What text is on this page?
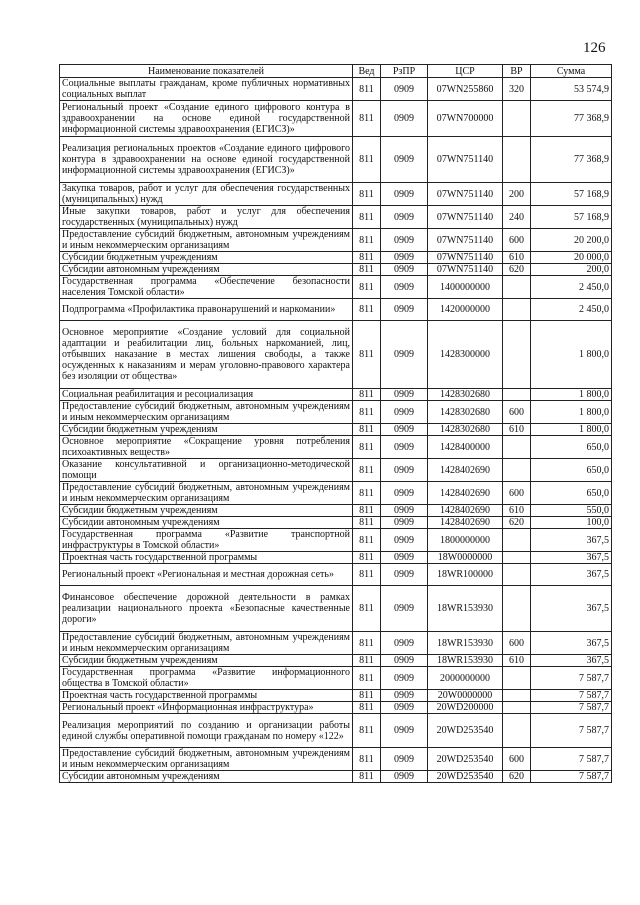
126
Наименование показателей	Вед	РзПР	ЦСР	ВР	Сумма
Социальные выплаты гражданам, кроме публичных нормативных социальных выплат	811	0909	07WN255860	320	53 574,9
Региональный проект «Создание единого цифрового контура в здравоохранении на основе единой государственной информационной системы здравоохранения (ЕГИСЗ)»	811	0909	07WN700000		77 368,9
Реализация региональных проектов «Создание единого цифрового контура в здравоохранении на основе единой государственной информационной системы здравоохранения (ЕГИСЗ)»	811	0909	07WN751140		77 368,9
Закупка товаров, работ и услуг для обеспечения государственных (муниципальных) нужд	811	0909	07WN751140	200	57 168,9
Иные закупки товаров, работ и услуг для обеспечения государственных (муниципальных) нужд	811	0909	07WN751140	240	57 168,9
Предоставление субсидий бюджетным, автономным учреждениям и иным некоммерческим организациям	811	0909	07WN751140	600	20 200,0
Субсидии бюджетным учреждениям	811	0909	07WN751140	610	20 000,0
Субсидии автономным учреждениям	811	0909	07WN751140	620	200,0
Государственная программа «Обеспечение безопасности населения Томской области»	811	0909	1400000000		2 450,0
Подпрограмма «Профилактика правонарушений и наркомании»	811	0909	1420000000		2 450,0
Основное мероприятие «Создание условий для социальной адаптации и реабилитации лиц, больных наркоманией, лиц, отбывших наказание в местах лишения свободы, а также осужденных к наказаниям и мерам уголовно-правового характера без изоляции от общества»	811	0909	1428300000		1 800,0
Социальная реабилитация и ресоциализация	811	0909	1428302680		1 800,0
Предоставление субсидий бюджетным, автономным учреждениям и иным некоммерческим организациям	811	0909	1428302680	600	1 800,0
Субсидии бюджетным учреждениям	811	0909	1428302680	610	1 800,0
Основное мероприятие «Сокращение уровня потребления психоактивных веществ»	811	0909	1428400000		650,0
Оказание консультативной и организационно-методической помощи	811	0909	1428402690		650,0
Предоставление субсидий бюджетным, автономным учреждениям и иным некоммерческим организациям	811	0909	1428402690	600	650,0
Субсидии бюджетным учреждениям	811	0909	1428402690	610	550,0
Субсидии автономным учреждениям	811	0909	1428402690	620	100,0
Государственная программа «Развитие транспортной инфраструктуры в Томской области»	811	0909	1800000000		367,5
Проектная часть государственной программы	811	0909	18W0000000		367,5
Региональный проект «Региональная и местная дорожная сеть»	811	0909	18WR100000		367,5
Финансовое обеспечение дорожной деятельности в рамках реализации национального проекта «Безопасные качественные дороги»	811	0909	18WR153930		367,5
Предоставление субсидий бюджетным, автономным учреждениям и иным некоммерческим организациям	811	0909	18WR153930	600	367,5
Субсидии бюджетным учреждениям	811	0909	18WR153930	610	367,5
Государственная программа «Развитие информационного общества в Томской области»	811	0909	2000000000		7 587,7
Проектная часть государственной программы	811	0909	20W0000000		7 587,7
Региональный проект «Информационная инфраструктура»	811	0909	20WD200000		7 587,7
Реализация мероприятий по созданию и организации работы единой службы оперативной помощи гражданам по номеру «122»	811	0909	20WD253540		7 587,7
Предоставление субсидий бюджетным, автономным учреждениям и иным некоммерческим организациям	811	0909	20WD253540	600	7 587,7
Субсидии автономным учреждениям	811	0909	20WD253540	620	7 587,7
